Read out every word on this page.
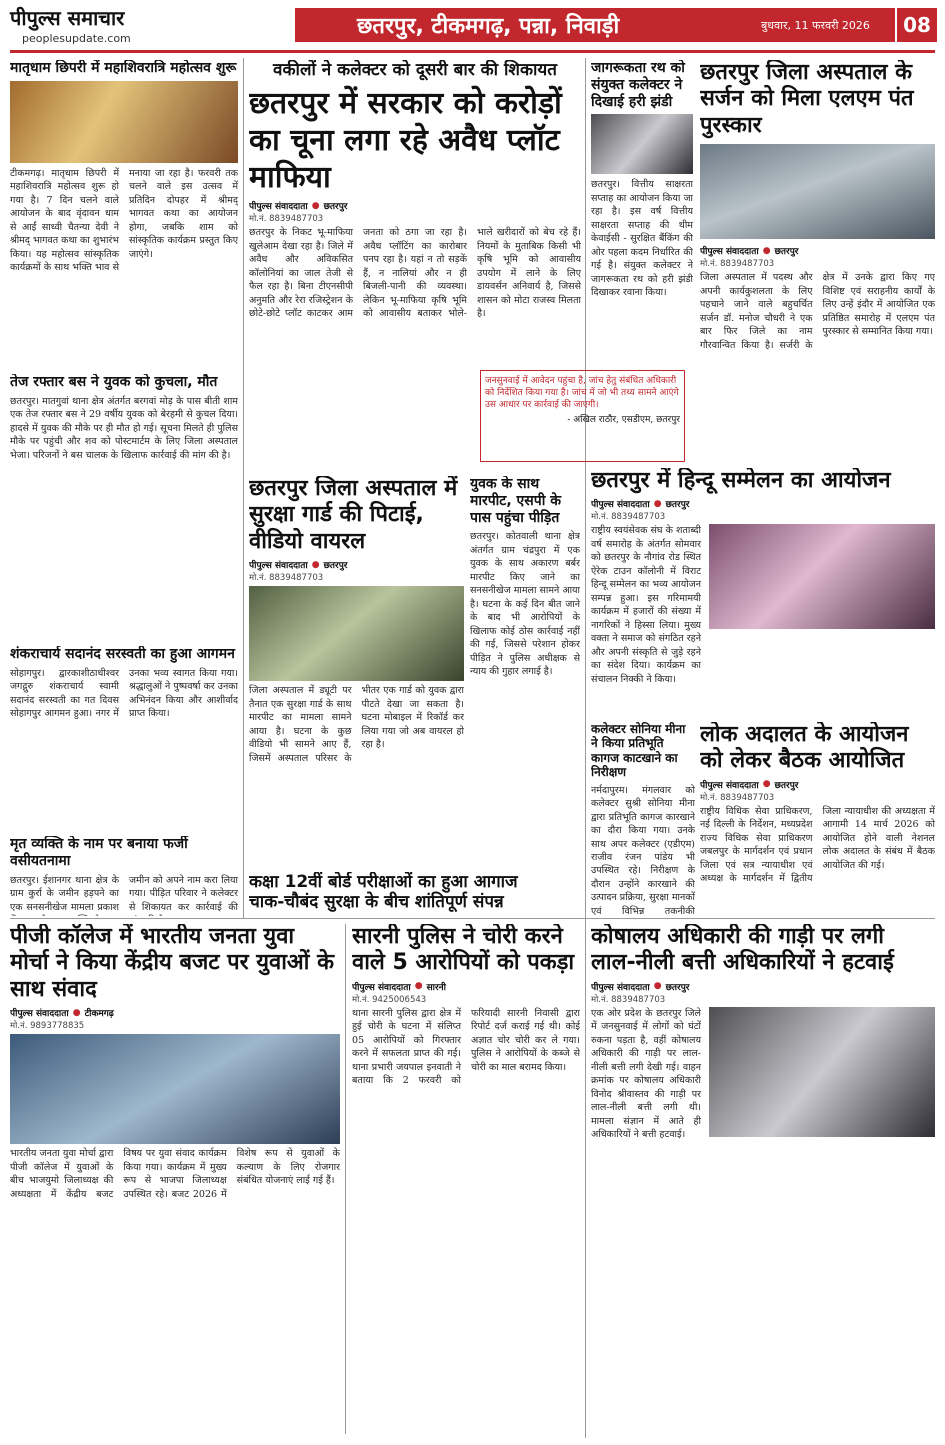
पीपुल्स समाचार
peoplesupdate.com	छतरपुर, टीकमगढ़, पन्ना, निवाड़ी	बुधवार, 11 फरवरी 2026	08
मातृधाम छिपरी में महाशिवरात्रि महोत्सव शुरू
टीकमगढ़। मातृधाम छिपरी में महाशिवरात्रि महोत्सव शुरू हो गया है। 7 दिन चलने वाले आयोजन के बाद वृंदावन धाम से आईं साध्वी चैतन्या देवी ने श्रीमद् भागवत कथा का शुभारंभ किया। यह महोत्सव सांस्कृतिक कार्यक्रमों के साथ भक्ति भाव से मनाया जा रहा है। फरवरी तक चलने वाले इस उत्सव में प्रतिदिन दोपहर में श्रीमद् भागवत कथा का आयोजन होगा, जबकि शाम को सांस्कृतिक कार्यक्रम प्रस्तुत किए जाएंगे।
तेज रफ्तार बस ने युवक को कुचला, मौत
छतरपुर। मातगुवां थाना क्षेत्र अंतर्गत बरगवां मोड़ के पास बीती शाम एक तेज रफ्तार बस ने 29 वर्षीय युवक को बेरहमी से कुचल दिया। हादसे में युवक की मौके पर ही मौत हो गई। सूचना मिलते ही पुलिस मौके पर पहुंची और शव को पोस्टमार्टम के लिए जिला अस्पताल भेजा। परिजनों ने बस चालक के खिलाफ कार्रवाई की मांग की है।
शंकराचार्य सदानंद सरस्वती का हुआ आगमन
सोहागपुर। द्वारकाशीठाधीश्वर जगद्गुरु शंकराचार्य स्वामी सदानंद सरस्वती का गत दिवस सोहागपुर आगमन हुआ। नगर में उनका भव्य स्वागत किया गया। श्रद्धालुओं ने पुष्पवर्षा कर उनका अभिनंदन किया और आशीर्वाद प्राप्त किया।
मृत व्यक्ति के नाम पर बनाया फर्जी वसीयतनामा
छतरपुर। ईशानगर थाना क्षेत्र के ग्राम कुर्रा के जमीन हड़पने का एक सनसनीखेज मामला प्रकाश जमीन को अपने नाम करा लिया गया। पीड़ित परिवार ने कलेक्टर से शिकायत कर कार्रवाई की
वकीलों ने कलेक्टर को दूसरी बार की शिकायत
छतरपुर में सरकार को करोड़ों का चूना लगा रहे अवैध प्लॉट माफिया
पीपुल्स संवाददाता ● छतरपुर
मो.नं. 8839487703
छतरपुर के निकट भू-माफिया खुलेआम देखा रहा है। जिले में अवैध और अविकसित कॉलोनियां का जाल तेजी से फैल रहा है। बिना टीएनसीपी अनुमति और रेरा रजिस्ट्रेशन के छोटे-छोटे प्लॉट काटकर आम जनता को ठगा जा रहा है। अवैध प्लॉटिंग का कारोबार पनप रहा है। यहां न तो सड़कें हैं, न नालियां और न ही बिजली-पानी की व्यवस्था। लेकिन भू-माफिया कृषि भूमि को आवासीय बताकर भोले-भाले खरीदारों को बेच रहे हैं। नियमों के मुताबिक किसी भी कृषि भूमि को आवासीय उपयोग में लाने के लिए डायवर्सन अनिवार्य है, जिससे शासन को मोटा राजस्व मिलता है।
जागरूकता रथ को संयुक्त कलेक्टर ने दिखाई हरी झंडी
छतरपुर। वित्तीय साक्षरता सप्ताह का आयोजन किया जा रहा है। इस वर्ष वित्तीय साक्षरता सप्ताह की थीम केवाईसी - सुरक्षित बैंकिंग की ओर पहला कदम निर्धारित की गई है। संयुक्त कलेक्टर ने जागरूकता रथ को हरी झंडी दिखाकर रवाना किया।
जनसुनवाई में आवेदन पहुंचा है, जांच हेतु संबंधित अधिकारी को निर्देशित किया गया है। जांच में जो भी तथ्य सामने आएंगे उस आधार पर कार्रवाई की जाएगी।
- अखिल राठौर, एसडीएम, छतरपुर
छतरपुर जिला अस्पताल के सर्जन को मिला एलएम पंत पुरस्कार
पीपुल्स संवाददाता ● छतरपुर
मो.नं. 8839487703
जिला अस्पताल में पदस्थ और अपनी कार्यकुशलता के लिए पहचाने जाने वाले बहुचर्चित सर्जन डॉ. मनोज चौधरी ने एक बार फिर जिले का नाम गौरवान्वित किया है। सर्जरी के क्षेत्र में उनके द्वारा किए गए विशिष्ट एवं सराहनीय कार्यों के लिए उन्हें इंदौर में आयोजित एक प्रतिष्ठित समारोह में एलएम पंत पुरस्कार से सम्मानित किया गया।
छतरपुर जिला अस्पताल में सुरक्षा गार्ड की पिटाई, वीडियो वायरल
पीपुल्स संवाददाता ● छतरपुर
मो.नं. 8839487703
जिला अस्पताल में ड्यूटी पर तैनात एक सुरक्षा गार्ड के साथ मारपीट का मामला सामने आया है। घटना के कुछ वीडियो भी सामने आए हैं, जिसमें अस्पताल परिसर के भीतर एक गार्ड को युवक द्वारा पीटते देखा जा सकता है। घटना मोबाइल में रिकॉर्ड कर लिया गया जो अब वायरल हो रहा है।
युवक के साथ मारपीट, एसपी के पास पहुंचा पीड़ित
छतरपुर। कोतवाली थाना क्षेत्र अंतर्गत ग्राम चंद्रपुरा में एक युवक के साथ अकारण बर्बर मारपीट किए जाने का सनसनीखेज मामला सामने आया है। घटना के कई दिन बीत जाने के बाद भी आरोपियों के खिलाफ कोई ठोस कार्रवाई नहीं की गई, जिससे परेशान होकर पीड़ित ने पुलिस अधीक्षक से न्याय की गुहार लगाई है।
छतरपुर में हिन्दू सम्मेलन का आयोजन
पीपुल्स संवाददाता ● छतरपुर
मो.नं. 8839487703
राष्ट्रीय स्वयंसेवक संघ के शताब्दी वर्ष समारोह के अंतर्गत सोमवार को छतरपुर के नौगांव रोड स्थित ऐरेक टाउन कॉलोनी में विराट हिन्दू सम्मेलन का भव्य आयोजन सम्पन्न हुआ। इस गरिमामयी कार्यक्रम में हजारों की संख्या में नागरिकों ने हिस्सा लिया। मुख्य वक्ता ने समाज को संगठित रहने और अपनी संस्कृति से जुड़े रहने का संदेश दिया। कार्यक्रम का संचालन निक्की ने किया।
लोक अदालत के आयोजन को लेकर बैठक आयोजित
पीपुल्स संवाददाता ● छतरपुर
मो.नं. 8839487703
राष्ट्रीय विधिक सेवा प्राधिकरण, नई दिल्ली के निर्देशन, मध्यप्रदेश राज्य विधिक सेवा प्राधिकरण जबलपुर के मार्गदर्शन एवं प्रधान जिला एवं सत्र न्यायाधीश एवं अध्यक्ष के मार्गदर्शन में द्वितीय जिला न्यायाधीश की अध्यक्षता में आगामी 14 मार्च 2026 को आयोजित होने वाली नेशनल लोक अदालत के संबंध में बैठक आयोजित की गई।
कलेक्टर सोनिया मीना ने किया प्रतिभूति कागज काटखाने का निरीक्षण
नर्मदापुरम। मंगलवार को कलेक्टर सुश्री सोनिया मीना द्वारा प्रतिभूति कागज कारखाने का दौरा किया गया। उनके साथ अपर कलेक्टर (एडीएम) राजीव रंजन पांडेय भी उपस्थित रहे। निरीक्षण के दौरान उन्होंने कारखाने की उत्पादन प्रक्रिया, सुरक्षा मानकों एवं विभिन्न तकनीकी
कक्षा 12वीं बोर्ड परीक्षाओं का हुआ आगाज
चाक-चौबंद सुरक्षा के बीच शांतिपूर्ण संपन्न
पीजी कॉलेज में भारतीय जनता युवा मोर्चा ने किया केंद्रीय बजट पर युवाओं के साथ संवाद
पीपुल्स संवाददाता ● टीकमगढ़
मो.नं. 9893778835
भारतीय जनता युवा मोर्चा द्वारा पीजी कॉलेज में युवाओं के बीच भाजयुमो जिलाध्यक्ष की अध्यक्षता में केंद्रीय बजट विषय पर युवा संवाद कार्यक्रम किया गया। कार्यक्रम में मुख्य रूप से भाजपा जिलाध्यक्ष उपस्थित रहे। बजट 2026 में विशेष रूप से युवाओं के कल्याण के लिए रोजगार संबंधित योजनाएं लाई गई हैं।
सारनी पुलिस ने चोरी करने वाले 5 आरोपियों को पकड़ा
पीपुल्स संवाददाता ● सारनी
मो.नं. 9425006543
थाना सारनी पुलिस द्वारा क्षेत्र में हुई चोरी के घटना में संलिप्त 05 आरोपियों को गिरफ्तार करने में सफलता प्राप्त की गई। थाना प्रभारी जयपाल इनवाती ने बताया कि 2 फरवरी को फरियादी सारनी निवासी द्वारा रिपोर्ट दर्ज कराई गई थी। कोई अज्ञात चोर चोरी कर ले गया। पुलिस ने आरोपियों के कब्जे से चोरी का माल बरामद किया।
कोषालय अधिकारी की गाड़ी पर लगी लाल-नीली बत्ती अधिकारियों ने हटवाई
पीपुल्स संवाददाता ● छतरपुर
मो.नं. 8839487703
एक ओर प्रदेश के छतरपुर जिले में जनसुनवाई में लोगों को घंटों रुकना पड़ता है, वहीं कोषालय अधिकारी की गाड़ी पर लाल-नीली बत्ती लगी देखी गई। वाहन क्रमांक पर कोषालय अधिकारी विनोद श्रीवास्तव की गाड़ी पर लाल-नीली बत्ती लगी थी। मामला संज्ञान में आते ही अधिकारियों ने बत्ती हटवाई।
